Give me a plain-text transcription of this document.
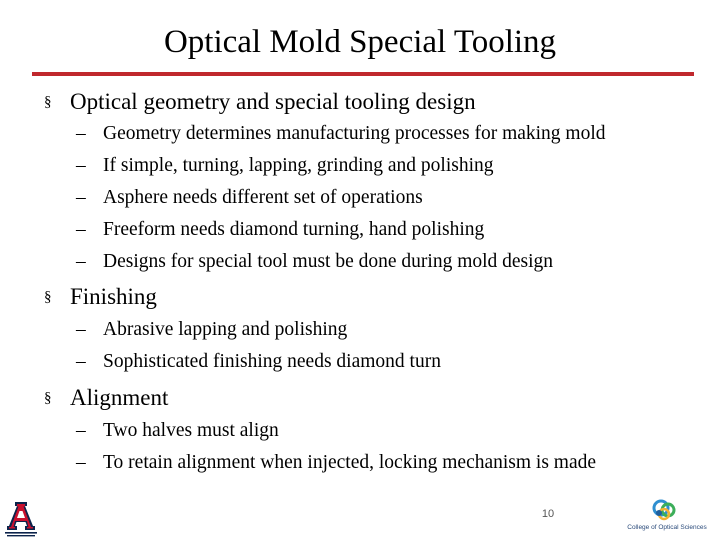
Optical Mold Special Tooling
§ Optical geometry and special tooling design
– Geometry determines manufacturing processes for making mold
– If simple, turning, lapping, grinding and polishing
– Asphere needs different set of operations
– Freeform needs diamond turning, hand polishing
– Designs for special tool must be done during mold design
§ Finishing
– Abrasive lapping and polishing
– Sophisticated finishing needs diamond turn
§ Alignment
– Two halves must align
– To retain alignment when injected, locking mechanism is made
10
College of Optical Sciences
